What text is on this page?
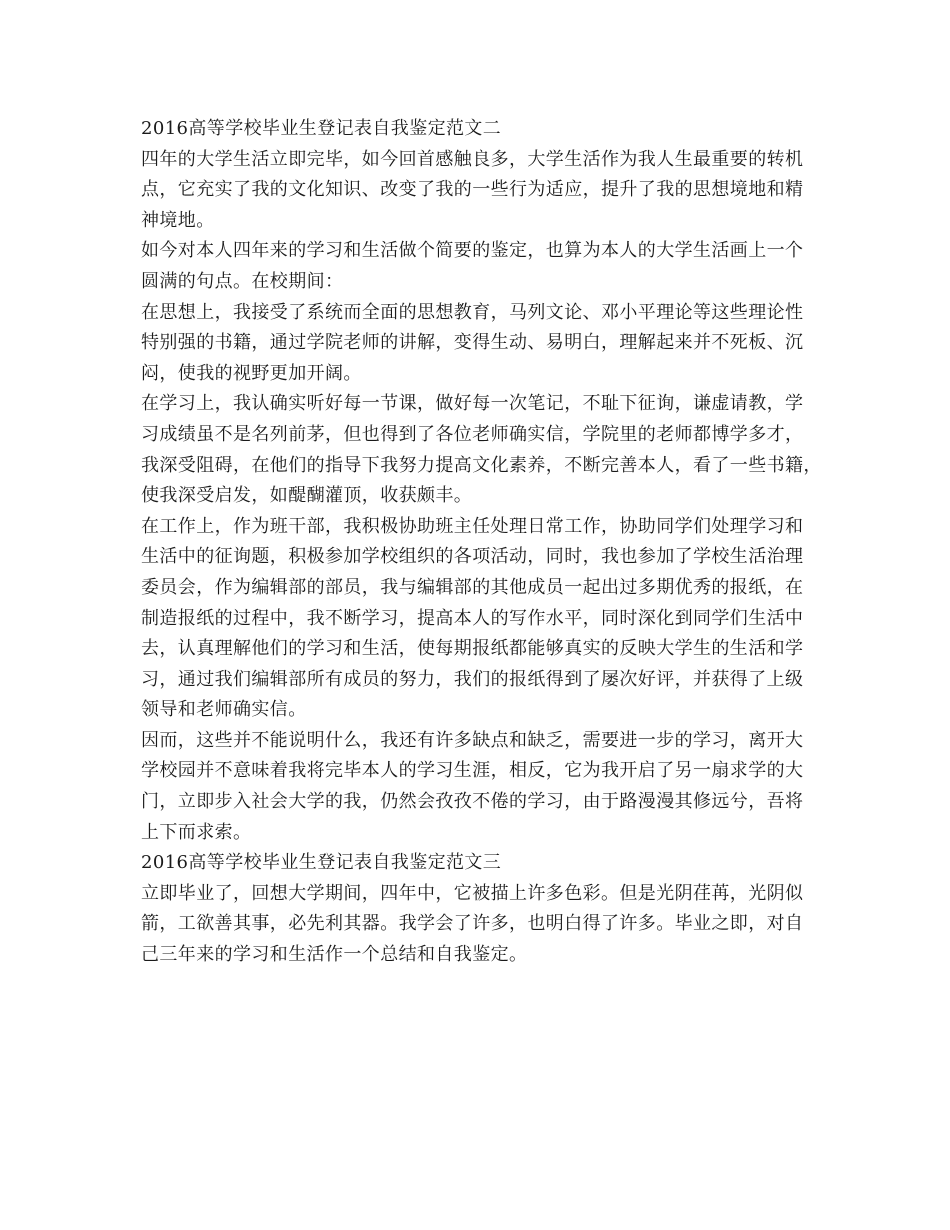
2016高等学校毕业生登记表自我鉴定范文二
四年的大学生活立即完毕，如今回首感触良多，大学生活作为我人生最重要的转机
点，它充实了我的文化知识、改变了我的一些行为适应，提升了我的思想境地和精
神境地。
如今对本人四年来的学习和生活做个简要的鉴定，也算为本人的大学生活画上一个
圆满的句点。在校期间：
在思想上，我接受了系统而全面的思想教育，马列文论、邓小平理论等这些理论性
特别强的书籍，通过学院老师的讲解，变得生动、易明白，理解起来并不死板、沉
闷，使我的视野更加开阔。
在学习上，我认确实听好每一节课，做好每一次笔记，不耻下征询，谦虚请教，学
习成绩虽不是名列前茅，但也得到了各位老师确实信，学院里的老师都博学多才，
我深受阻碍，在他们的指导下我努力提高文化素养，不断完善本人，看了一些书籍，
使我深受启发，如醍醐灌顶，收获颇丰。
在工作上，作为班干部，我积极协助班主任处理日常工作，协助同学们处理学习和
生活中的征询题，积极参加学校组织的各项活动，同时，我也参加了学校生活治理
委员会，作为编辑部的部员，我与编辑部的其他成员一起出过多期优秀的报纸，在
制造报纸的过程中，我不断学习，提高本人的写作水平，同时深化到同学们生活中
去，认真理解他们的学习和生活，使每期报纸都能够真实的反映大学生的生活和学
习，通过我们编辑部所有成员的努力，我们的报纸得到了屡次好评，并获得了上级
领导和老师确实信。
因而，这些并不能说明什么，我还有许多缺点和缺乏，需要进一步的学习，离开大
学校园并不意味着我将完毕本人的学习生涯，相反，它为我开启了另一扇求学的大
门，立即步入社会大学的我，仍然会孜孜不倦的学习，由于路漫漫其修远兮，吾将
上下而求索。
2016高等学校毕业生登记表自我鉴定范文三
立即毕业了，回想大学期间，四年中，它被描上许多色彩。但是光阴荏苒，光阴似
箭，工欲善其事，必先利其器。我学会了许多，也明白得了许多。毕业之即，对自
己三年来的学习和生活作一个总结和自我鉴定。
